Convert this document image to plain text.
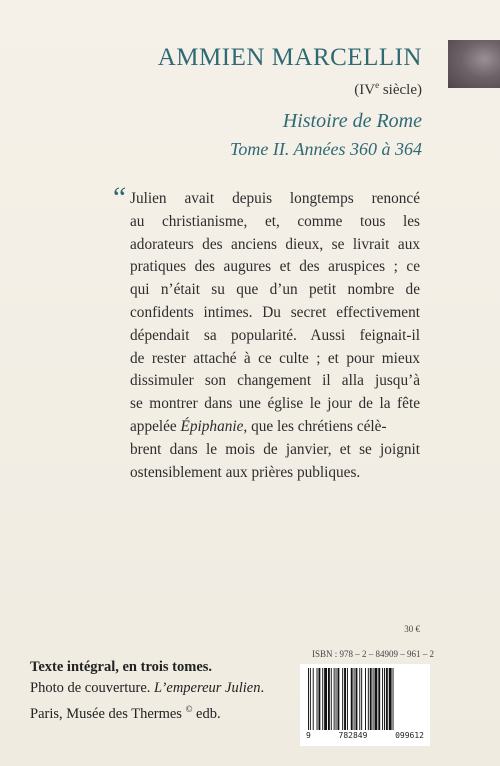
AMMIEN MARCELLIN
(IVe siècle)
Histoire de Rome
Tome II. Années 360 à 364
“ Julien avait depuis longtemps renoncé
au christianisme, et, comme tous les
adorateurs des anciens dieux, se livrait aux
pratiques des augures et des aruspices ; ce
qui n’était su que d’un petit nombre de
confidents intimes. Du secret effectivement
dépendait sa popularité. Aussi feignait-il
de rester attaché à ce culte ; et pour mieux
dissimuler son changement il alla jusqu’à
se montrer dans une église le jour de la fête
appelée Épiphanie, que les chrétiens célè-
brent dans le mois de janvier, et se joignit
ostensiblement aux prières publiques.
30 €
ISBN : 978 – 2 – 84909 – 961 – 2
9	782849	099612
Texte intégral, en trois tomes.
Photo de couverture. L’empereur Julien.
Paris, Musée des Thermes © edb.
